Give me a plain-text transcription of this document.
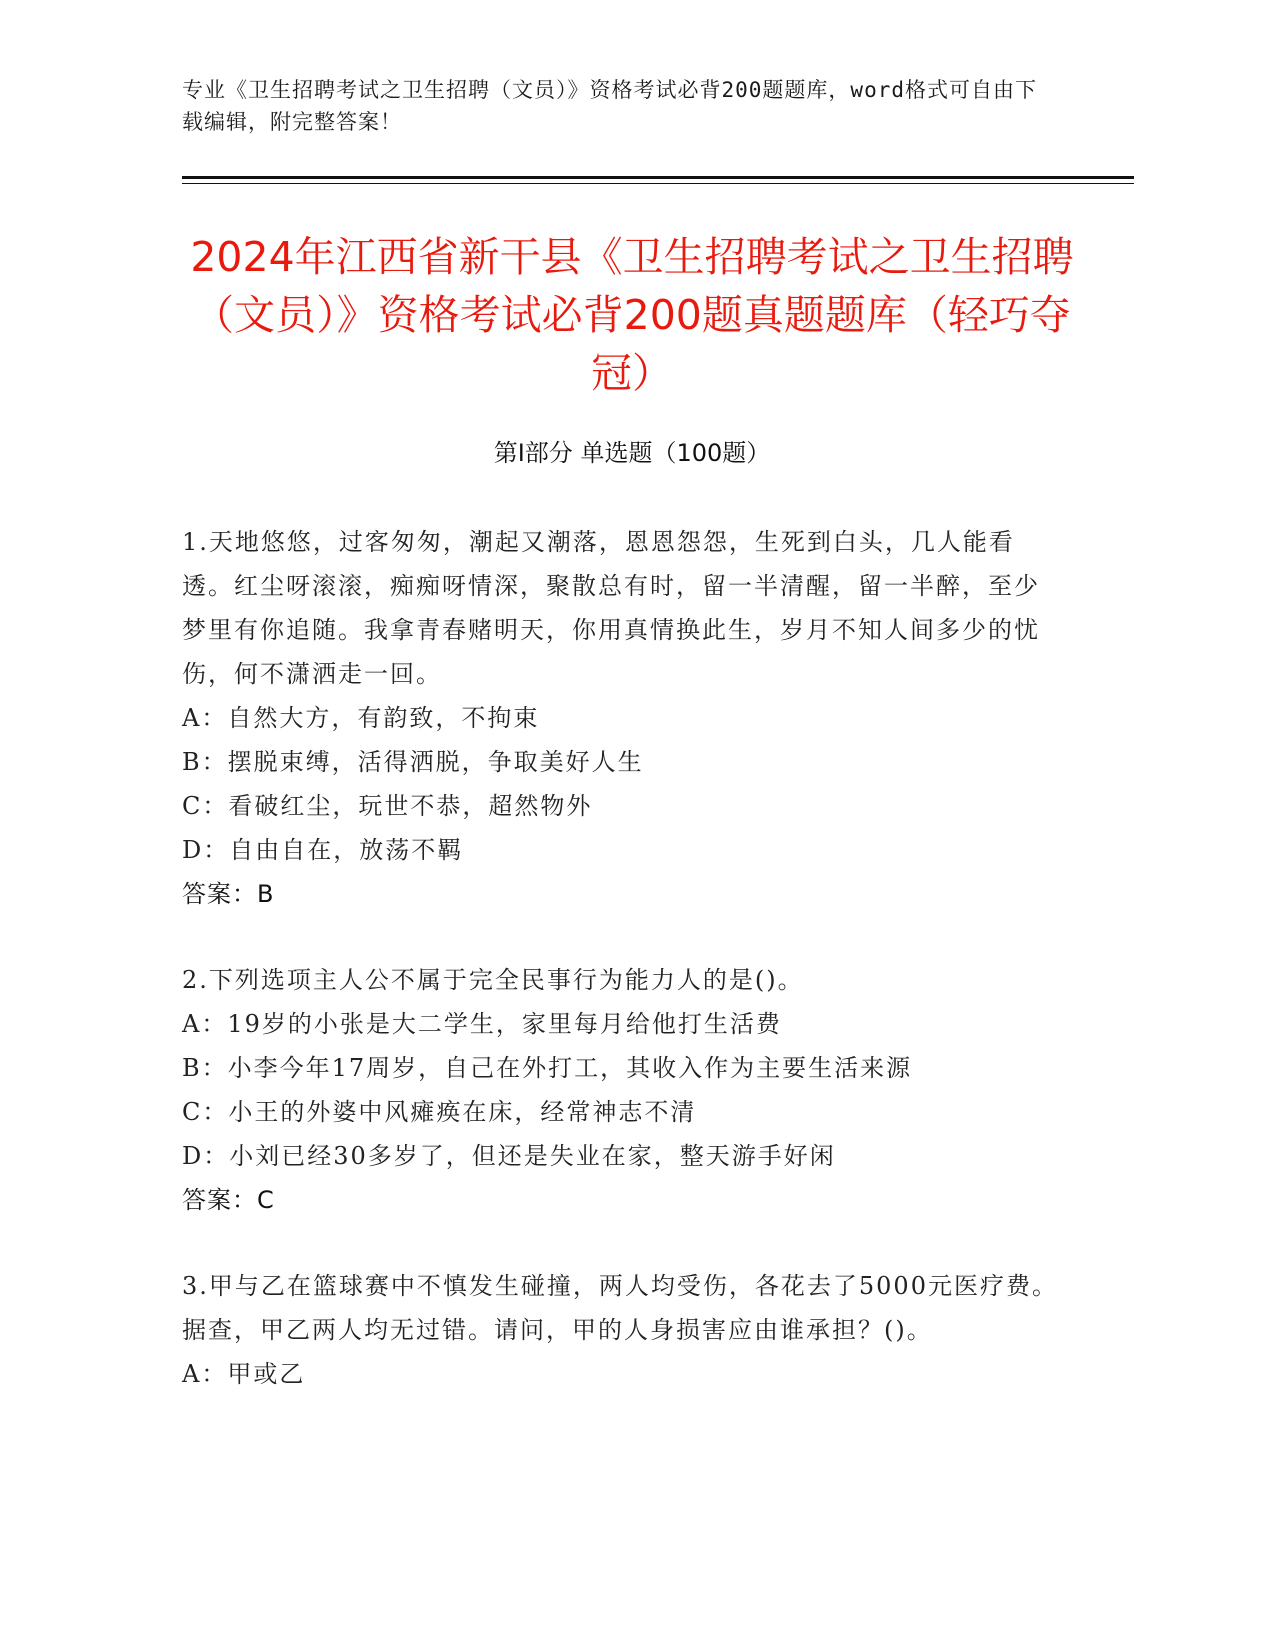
专业《卫生招聘考试之卫生招聘（文员）》资格考试必背200题题库，word格式可自由下载编辑，附完整答案！
2024年江西省新干县《卫生招聘考试之卫生招聘（文员）》资格考试必背200题真题题库（轻巧夺冠）
第Ⅰ部分 单选题（100题）

1.天地悠悠，过客匆匆，潮起又潮落，恩恩怨怨，生死到白头，几人能看透。红尘呀滚滚，痴痴呀情深，聚散总有时，留一半清醒，留一半醉，至少梦里有你追随。我拿青春赌明天，你用真情换此生，岁月不知人间多少的忧伤，何不潇洒走一回。

A：自然大方，有韵致，不拘束

B：摆脱束缚，活得洒脱，争取美好人生

C：看破红尘，玩世不恭，超然物外

D：自由自在，放荡不羁

答案：B

2.下列选项主人公不属于完全民事行为能力人的是()。

A：19岁的小张是大二学生，家里每月给他打生活费

B：小李今年17周岁，自己在外打工，其收入作为主要生活来源

C：小王的外婆中风瘫痪在床，经常神志不清

D：小刘已经30多岁了，但还是失业在家，整天游手好闲

答案：C

3.甲与乙在篮球赛中不慎发生碰撞，两人均受伤，各花去了5000元医疗费。据查，甲乙两人均无过错。请问，甲的人身损害应由谁承担？()。

A：甲或乙
